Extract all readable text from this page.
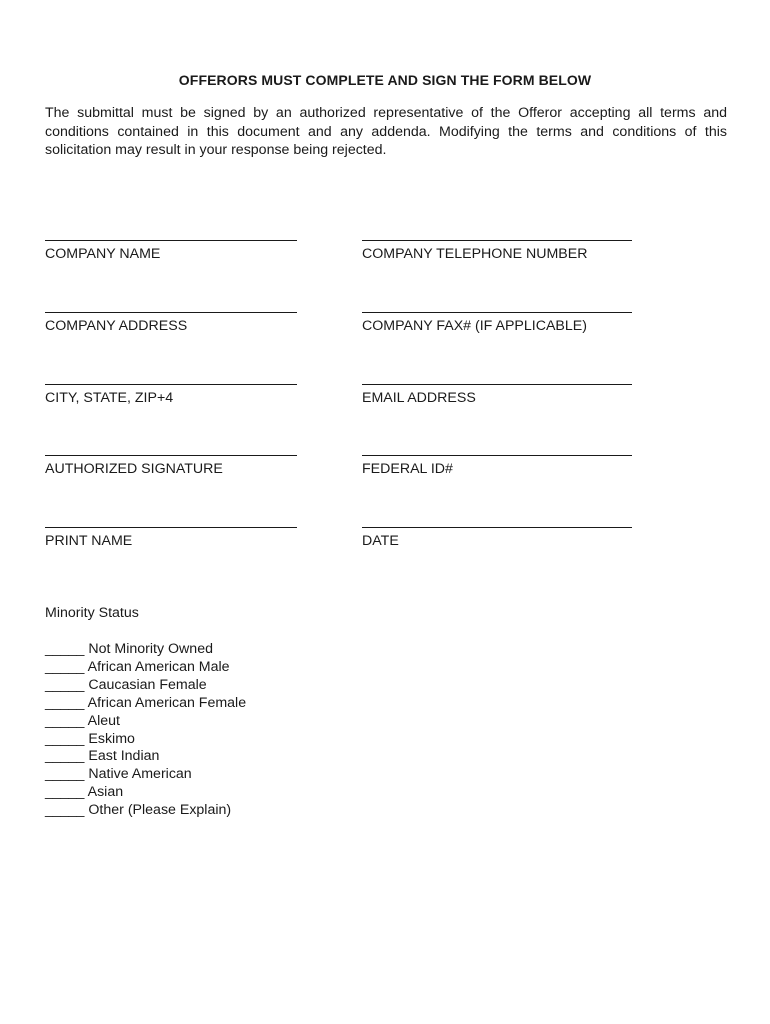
OFFERORS MUST COMPLETE AND SIGN THE FORM BELOW
The submittal must be signed by an authorized representative of the Offeror accepting all terms and conditions contained in this document and any addenda. Modifying the terms and conditions of this solicitation may result in your response being rejected.
COMPANY NAME
COMPANY ADDRESS
CITY, STATE, ZIP+4
AUTHORIZED SIGNATURE
PRINT NAME
COMPANY TELEPHONE NUMBER
COMPANY FAX# (IF APPLICABLE)
EMAIL ADDRESS
FEDERAL ID#
DATE
Minority Status
_____ Not Minority Owned
_____ African American Male
_____ Caucasian Female
_____ African American Female
_____ Aleut
_____ Eskimo
_____ East Indian
_____ Native American
_____ Asian
_____ Other (Please Explain)
